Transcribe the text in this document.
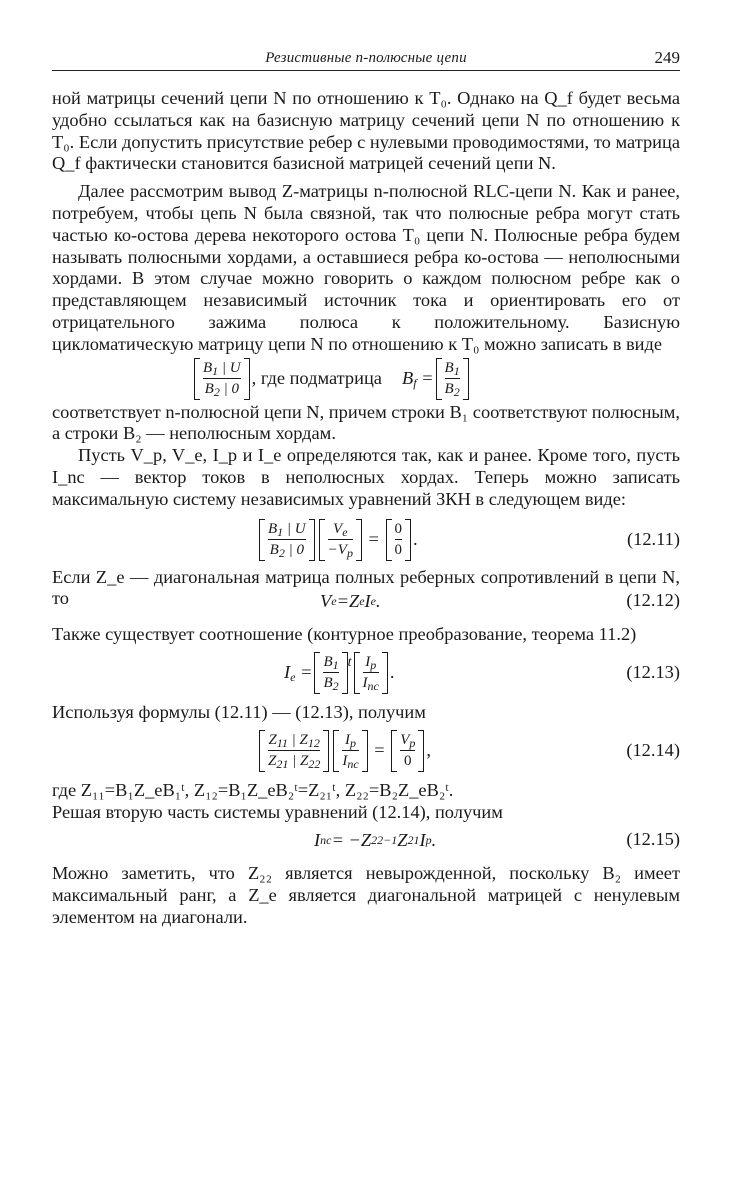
Резистивные n-полюсные цепи	249

ной матрицы сечений цепи N по отношению к T₀. Однако на Q_f будет весьма удобно ссылаться как на базисную матрицу сечений цепи N по отношению к T₀. Если допустить присутствие ребер с нулевыми проводимостями, то матрица Q_f фактически становится базисной матрицей сечений цепи N.

Далее рассмотрим вывод Z-матрицы n-полюсной RLC-цепи N. Как и ранее, потребуем, чтобы цепь N была связной, так что полюсные ребра могут стать частью ко-остова дерева некоторого остова T₀ цепи N. Полюсные ребра будем называть полюсными хордами, а оставшиеся ребра ко-остова — неполюсными хордами. В этом случае можно говорить о каждом полюсном ребре как о представляющем независимый источник тока и ориентировать его от отрицательного зажима полюса к положительному. Базисную цикломатическую матрицу цепи N по отношению к T₀ можно записать в виде

$B_1$ | U
$B_2$ | 0
, где подматрица $B_f$ =
$B_1$
$B_2$

соответствует n-полюсной цепи N, причем строки B₁ соответствуют полюсным, а строки B₂ — неполюсным хордам.

Пусть V_p, V_e, I_p и I_e определяются так, как и ранее. Кроме того, пусть I_nc — вектор токов в неполюсных хордах. Теперь можно записать максимальную систему независимых уравнений ЗКН в следующем виде:

$B_1$ | U
$B_2$ | 0
$V_e$
$-V_p$
=
0
0
.	(12.11)

Если Z_e — диагональная матрица полных реберных сопротивлений в цепи N, то	V e =Z e I e .	(12.12)

Также существует соотношение (контурное преобразование, теорема 11.2)

$I_e$ =
$B_1$
$B_2$
t $I_p$
$I_{nc}$
.	(12.13)

Используя формулы (12.11) — (12.13), получим

$Z_{11}$ | $Z_{12}$
$Z_{21}$ | $Z_{22}$
$I_p$
$I_{nc}$
=
$V_p$
0
,	(12.14)

где Z₁₁=B₁Z_eB₁ᵗ, Z₁₂=B₁Z_eB₂ᵗ=Z₂₁ᵗ, Z₂₂=B₂Z_eB₂ᵗ.

Решая вторую часть системы уравнений (12.14), получим

I nc = −Z 22 −1 Z 21 I p .	(12.15)

Можно заметить, что Z₂₂ является невырожденной, поскольку B₂ имеет максимальный ранг, а Z_e является диагональной матрицей с ненулевым элементом на диагонали.
